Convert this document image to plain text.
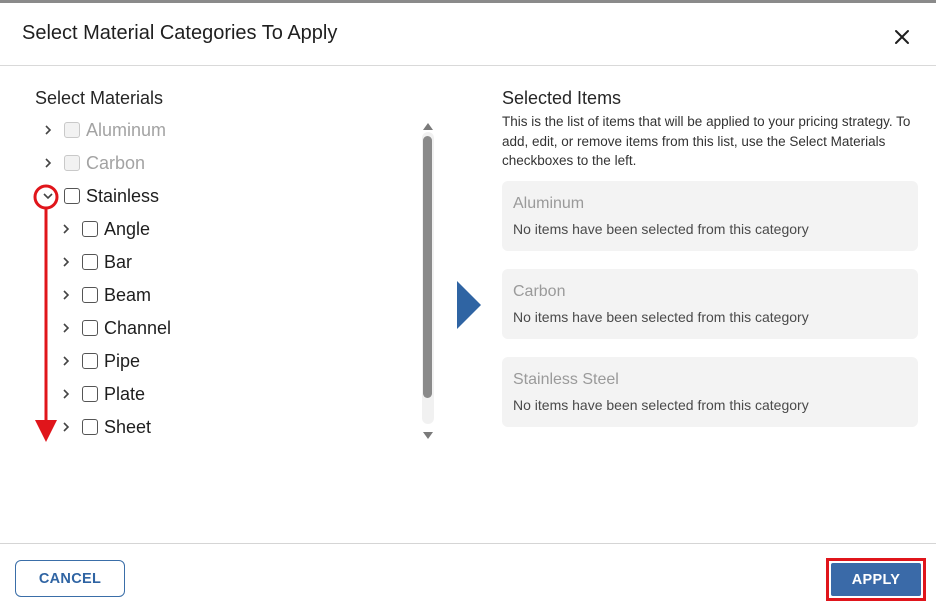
Select Material Categories To Apply
Select Materials
Aluminum
Carbon
Stainless
Angle
Bar
Beam
Channel
Pipe
Plate
Sheet
Selected Items
This is the list of items that will be applied to your pricing strategy. To add, edit, or remove items from this list, use the Select Materials checkboxes to the left.
Aluminum
No items have been selected from this category
Carbon
No items have been selected from this category
Stainless Steel
No items have been selected from this category
CANCEL	APPLY
